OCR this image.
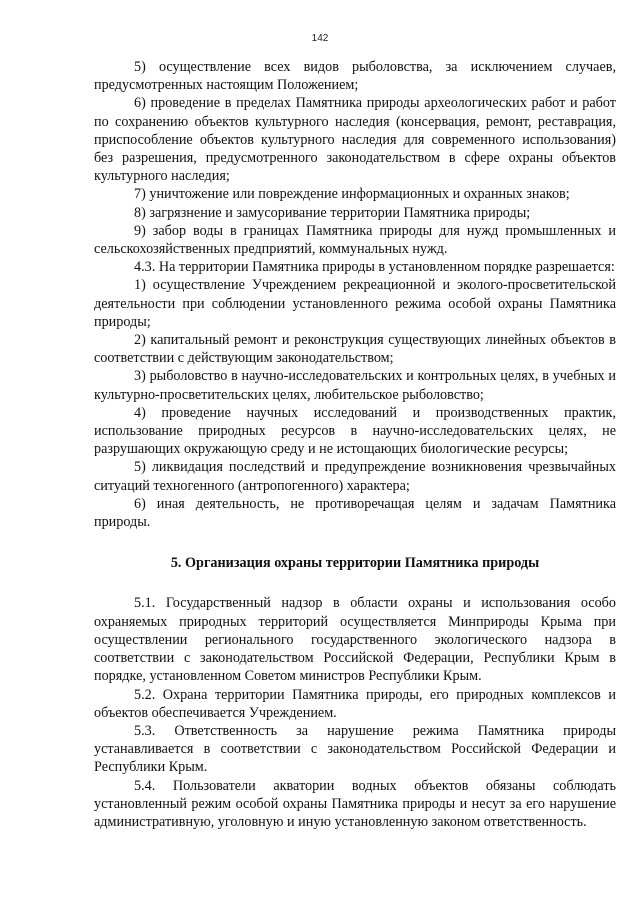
142

5) осуществление всех видов рыболовства, за исключением случаев, предусмотренных настоящим Положением;

6) проведение в пределах Памятника природы археологических работ и работ по сохранению объектов культурного наследия (консервация, ремонт, реставрация, приспособление объектов культурного наследия для современного использования) без разрешения, предусмотренного законодательством в сфере охраны объектов культурного наследия;

7) уничтожение или повреждение информационных и охранных знаков;

8) загрязнение и замусоривание территории Памятника природы;

9) забор воды в границах Памятника природы для нужд промышленных и сельскохозяйственных предприятий, коммунальных нужд.

4.3. На территории Памятника природы в установленном порядке разрешается:

1) осуществление Учреждением рекреационной и эколого-просветительской деятельности при соблюдении установленного режима особой охраны Памятника природы;

2) капитальный ремонт и реконструкция существующих линейных объектов в соответствии с действующим законодательством;

3) рыболовство в научно-исследовательских и контрольных целях, в учебных и культурно-просветительских целях, любительское рыболовство;

4) проведение научных исследований и производственных практик, использование природных ресурсов в научно-исследовательских целях, не разрушающих окружающую среду и не истощающих биологические ресурсы;

5) ликвидация последствий и предупреждение возникновения чрезвычайных ситуаций техногенного (антропогенного) характера;

6) иная деятельность, не противоречащая целям и задачам Памятника природы.

5. Организация охраны территории Памятника природы

5.1. Государственный надзор в области охраны и использования особо охраняемых природных территорий осуществляется Минприроды Крыма при осуществлении регионального государственного экологического надзора в соответствии с законодательством Российской Федерации, Республики Крым в порядке, установленном Советом министров Республики Крым.

5.2. Охрана территории Памятника природы, его природных комплексов и объектов обеспечивается Учреждением.

5.3. Ответственность за нарушение режима Памятника природы устанавливается в соответствии с законодательством Российской Федерации и Республики Крым.

5.4. Пользователи акватории водных объектов обязаны соблюдать установленный режим особой охраны Памятника природы и несут за его нарушение административную, уголовную и иную установленную законом ответственность.
